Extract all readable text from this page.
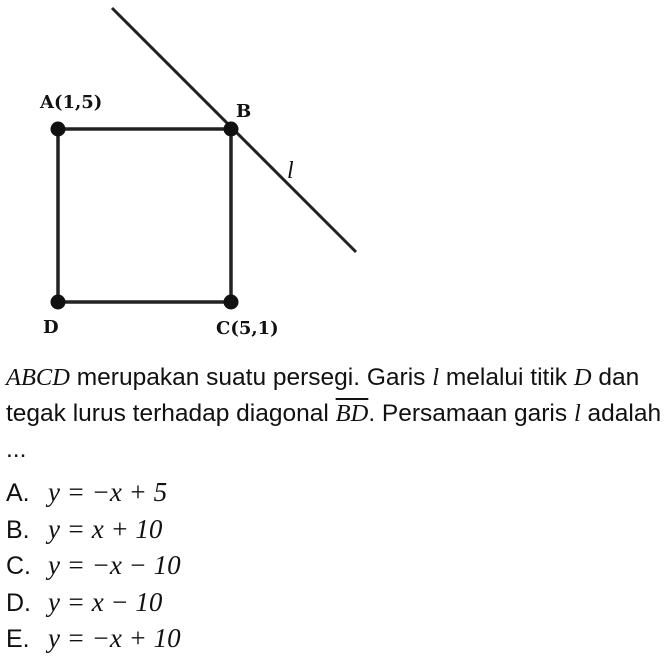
A(1,5)	B
l
D	C(5,1)
ABCD merupakan suatu persegi. Garis l melalui titik D dan tegak lurus terhadap diagonal $\overline{BD}$. Persamaan garis l adalah ...
A. y = −x + 5
B. y = x + 10
C. y = −x − 10
D. y = x − 10
E. y = −x + 10
